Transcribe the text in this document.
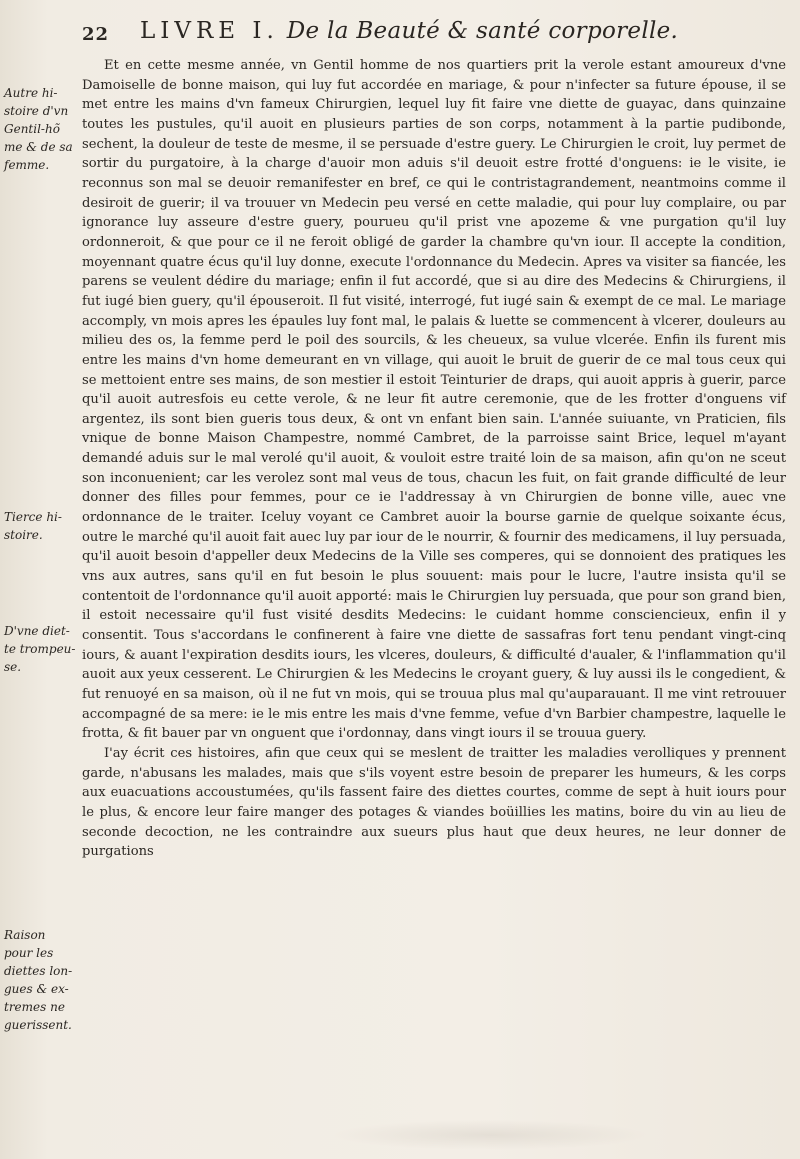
22 LIVRE I. De la Beauté & santé corporelle.
Autre hi-
stoire d'vn
Gentil-hõ
me & de sa
femme.
Tierce hi-
stoire.
D'vne diet-
te trompeu-
se.
Raison
pour les
diettes lon-
gues & ex-
tremes ne
guerissent.

Et en cette mesme année, vn Gentil homme de nos quartiers prit la verole estant amoureux d'vne Damoiselle de bonne maison, qui luy fut accordée en mariage, & pour n'infecter sa future épouse, il se met entre les mains d'vn fameux Chirurgien, lequel luy fit faire vne diette de guayac, dans quinzaine toutes les pustules, qu'il auoit en plusieurs parties de son corps, notamment à la partie pudibonde, sechent, la douleur de teste de mesme, il se persuade d'estre guery. Le Chirurgien le croit, luy permet de sortir du purgatoire, à la charge d'auoir mon aduis s'il deuoit estre frotté d'onguens: ie le visite, ie reconnus son mal se deuoir remanifester en bref, ce qui le contristagrandement, neantmoins comme il desiroit de guerir; il va trouuer vn Medecin peu versé en cette maladie, qui pour luy complaire, ou par ignorance luy asseure d'estre guery, pourueu qu'il prist vne apozeme & vne purgation qu'il luy ordonneroit, & que pour ce il ne feroit obligé de garder la chambre qu'vn iour. Il accepte la condition, moyennant quatre écus qu'il luy donne, execute l'ordonnance du Medecin. Apres va visiter sa fiancée, les parens se veulent dédire du mariage; enfin il fut accordé, que si au dire des Medecins & Chirurgiens, il fut iugé bien guery, qu'il épouseroit. Il fut visité, interrogé, fut iugé sain & exempt de ce mal. Le mariage accomply, vn mois apres les épaules luy font mal, le palais & luette se commencent à vlcerer, douleurs au milieu des os, la femme perd le poil des sourcils, & les cheueux, sa vulue vlcerée. Enfin ils furent mis entre les mains d'vn home demeurant en vn village, qui auoit le bruit de guerir de ce mal tous ceux qui se mettoient entre ses mains, de son mestier il estoit Teinturier de draps, qui auoit appris à guerir, parce qu'il auoit autresfois eu cette verole, & ne leur fit autre ceremonie, que de les frotter d'onguens vif argentez, ils sont bien gueris tous deux, & ont vn enfant bien sain. L'année suiuante, vn Praticien, fils vnique de bonne Maison Champestre, nommé Cambret, de la parroisse saint Brice, lequel m'ayant demandé aduis sur le mal verolé qu'il auoit, & vouloit estre traité loin de sa maison, afin qu'on ne sceut son inconuenient; car les verolez sont mal veus de tous, chacun les fuit, on fait grande difficulté de leur donner des filles pour femmes, pour ce ie l'addressay à vn Chirurgien de bonne ville, auec vne ordonnance de le traiter. Iceluy voyant ce Cambret auoir la bourse garnie de quelque soixante écus, outre le marché qu'il auoit fait auec luy par iour de le nourrir, & fournir des medicamens, il luy persuada, qu'il auoit besoin d'appeller deux Medecins de la Ville ses comperes, qui se donnoient des pratiques les vns aux autres, sans qu'il en fut besoin le plus souuent: mais pour le lucre, l'autre insista qu'il se contentoit de l'ordonnance qu'il auoit apporté: mais le Chirurgien luy persuada, que pour son grand bien, il estoit necessaire qu'il fust visité desdits Medecins: le cuidant homme consciencieux, enfin il y consentit. Tous s'accordans le confinerent à faire vne diette de sassafras fort tenu pendant vingt-cinq iours, & auant l'expiration desdits iours, les vlceres, douleurs, & difficulté d'aualer, & l'inflammation qu'il auoit aux yeux cesserent. Le Chirurgien & les Medecins le croyant guery, & luy aussi ils le congedient, & fut renuoyé en sa maison, où il ne fut vn mois, qui se trouua plus mal qu'auparauant. Il me vint retrouuer accompagné de sa mere: ie le mis entre les mais d'vne femme, vefue d'vn Barbier champestre, laquelle le frotta, & fit bauer par vn onguent que i'ordonnay, dans vingt iours il se trouua guery.

I'ay écrit ces histoires, afin que ceux qui se meslent de traitter les maladies verolliques y prennent garde, n'abusans les malades, mais que s'ils voyent estre besoin de preparer les humeurs, & les corps aux euacuations accoustumées, qu'ils fassent faire des diettes courtes, comme de sept à huit iours pour le plus, & encore leur faire manger des potages & viandes boüillies les matins, boire du vin au lieu de seconde decoction, ne les contraindre aux sueurs plus haut que deux heures, ne leur donner de purgations
